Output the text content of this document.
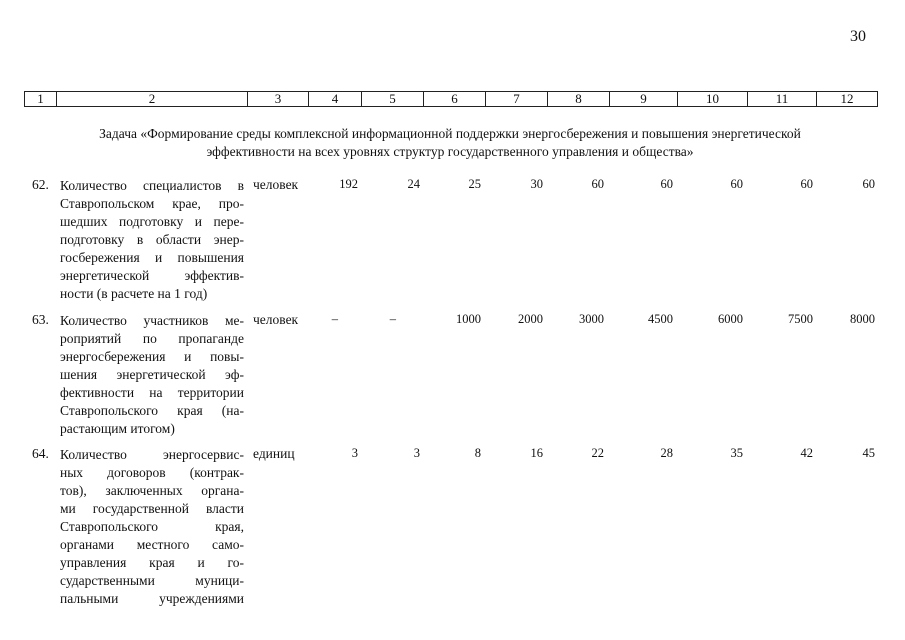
30
1	2	3	4	5	6	7	8	9	10	11	12
Задача «Формирование среды комплексной информационной поддержки энергосбережения и повышения энергетической
эффективности на всех уровнях структур государственного управления и общества»
62. Количество специалистов в
Ставропольском крае, про-
шедших подготовку и пере-
подготовку в области энер-
госбережения и повышения
энергетической эффектив-
ности (в расчете на 1 год)
человек	192	24	25	30	60	60	60	60	60
63. Количество участников ме-
роприятий по пропаганде
энергосбережения и повы-
шения энергетической эф-
фективности на территории
Ставропольского края (на-
растающим итогом)
человек	–	–	1000	2000	3000	4500	6000	7500	8000
64. Количество энергосервис-
ных договоров (контрак-
тов), заключенных органа-
ми государственной власти
Ставропольского края,
органами местного само-
управления края и го-
сударственными муници-
пальными учреждениями
единиц	3	3	8	16	22	28	35	42	45
